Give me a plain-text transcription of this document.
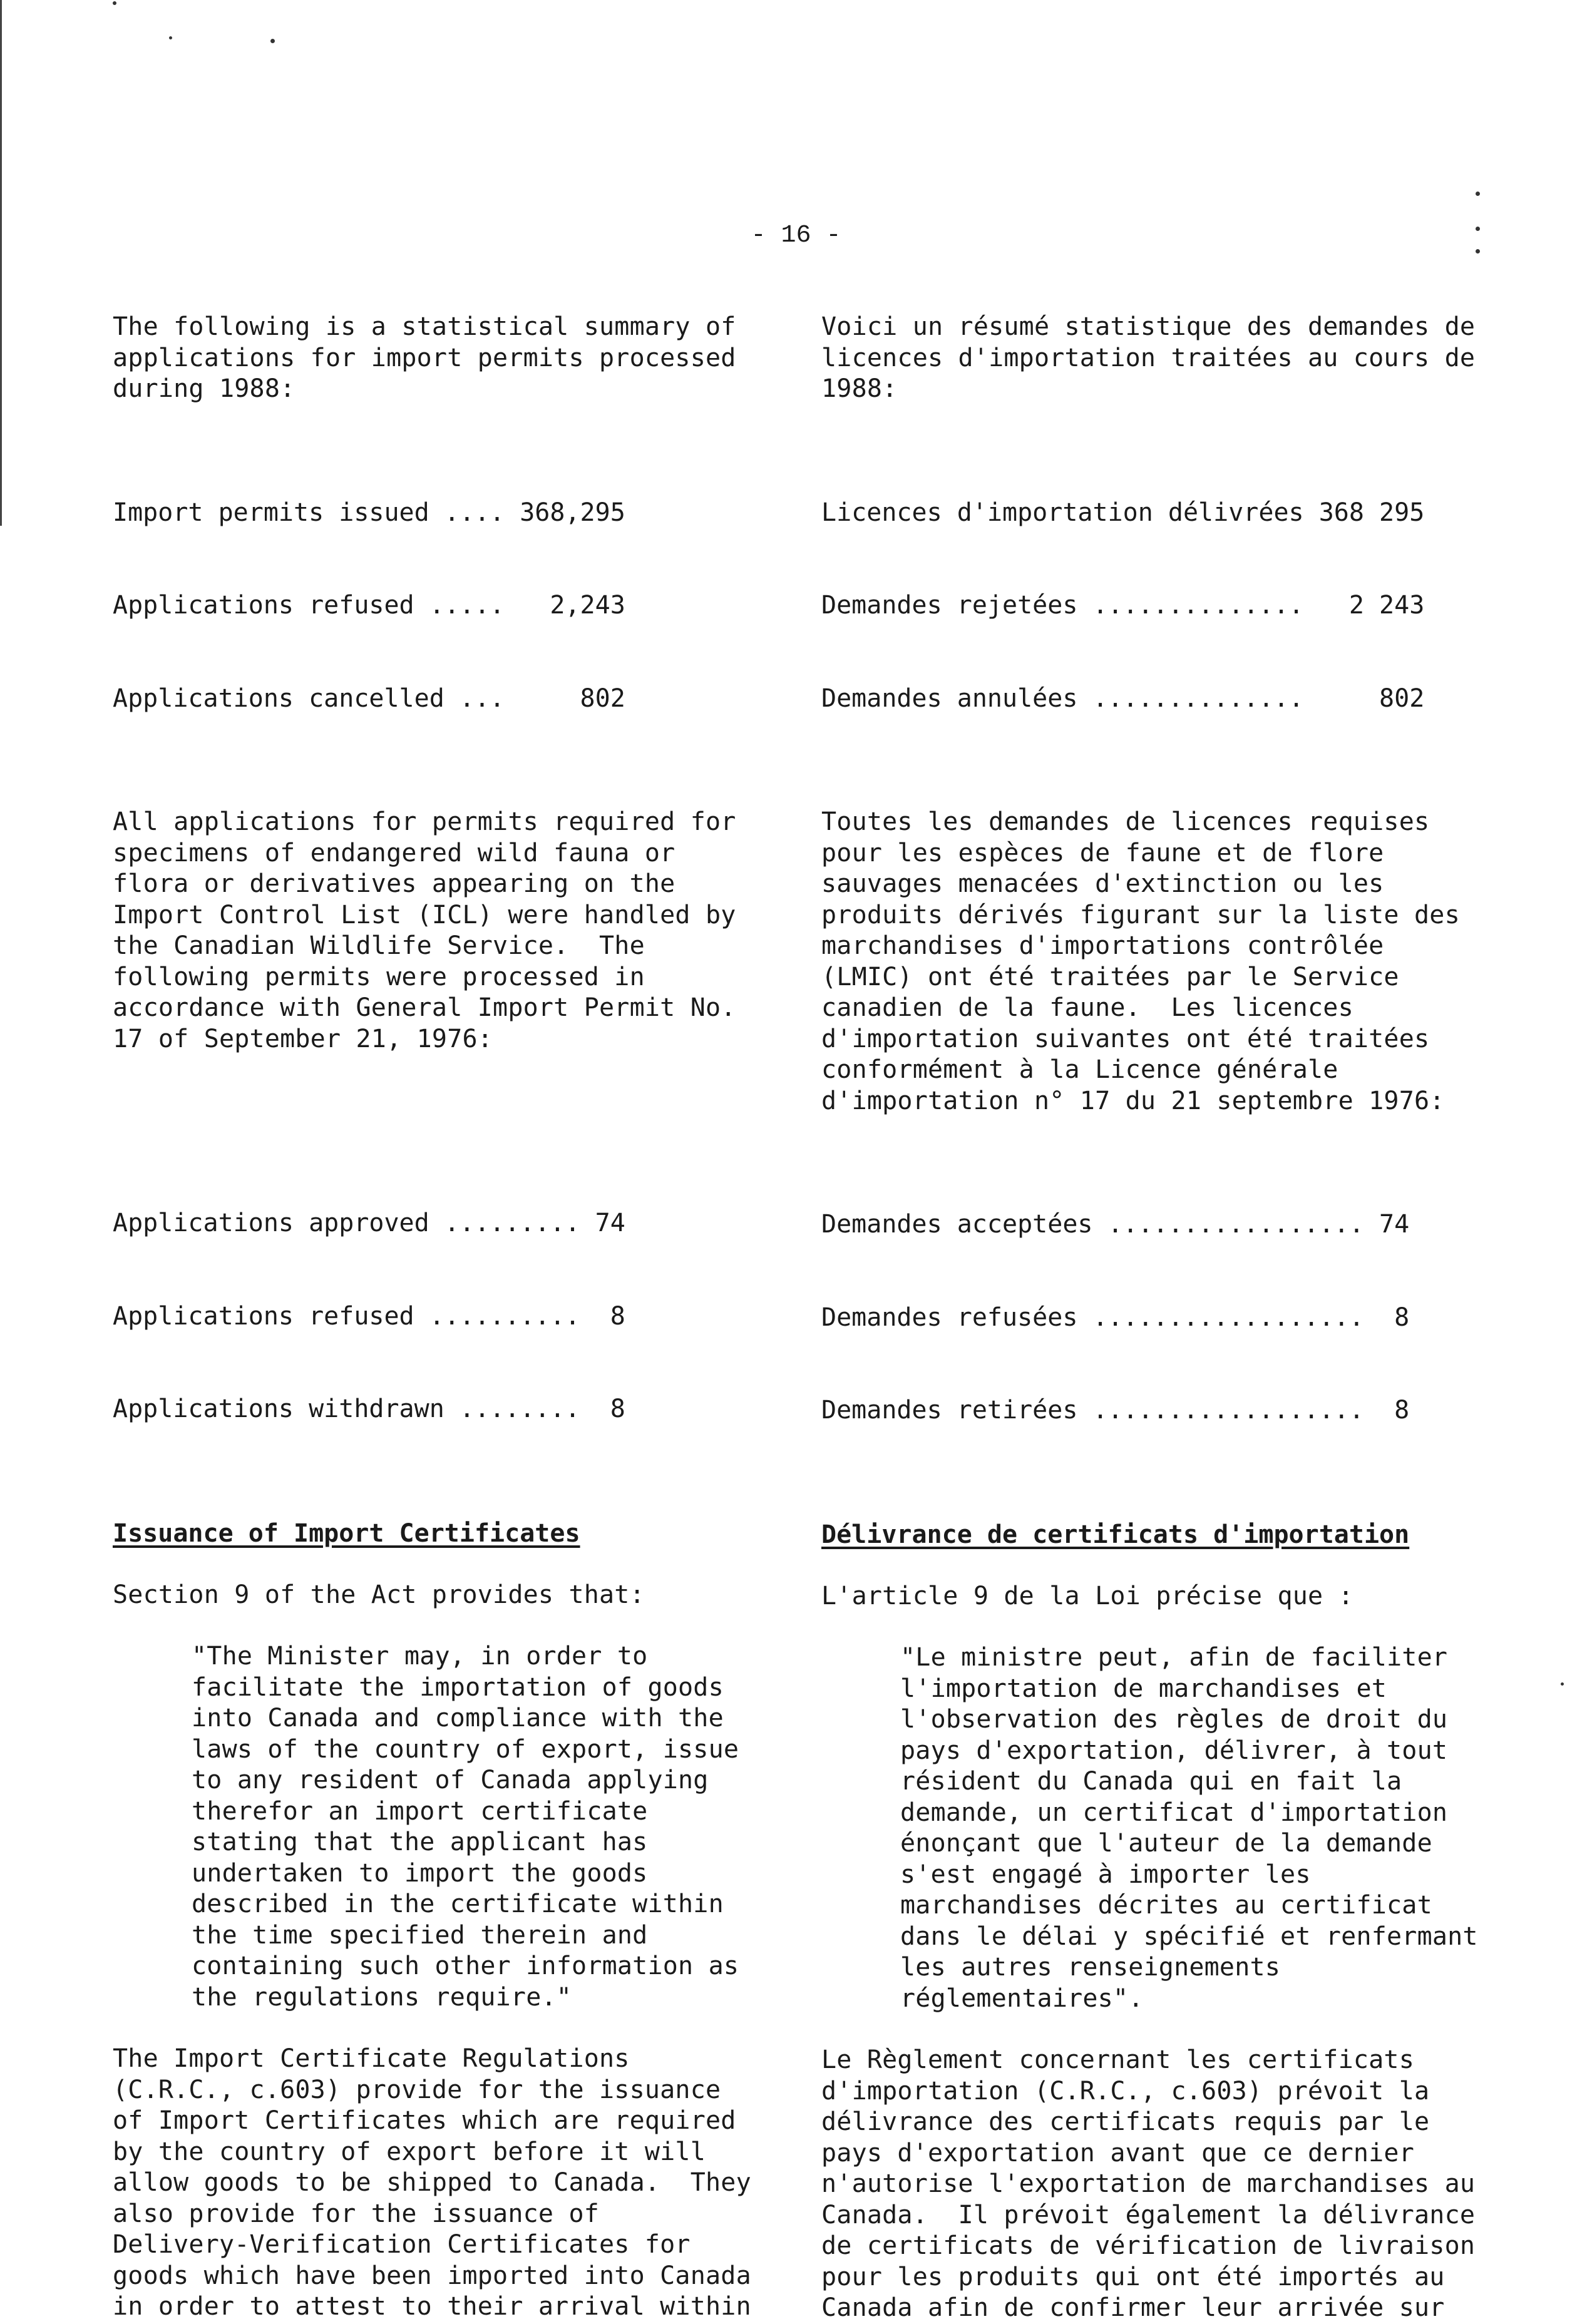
- 16 -

The following is a statistical summary of
applications for import permits processed
during 1988:

Import permits issued .... 368,295

Applications refused .....   2,243

Applications cancelled ...     802

All applications for permits required for
specimens of endangered wild fauna or
flora or derivatives appearing on the
Import Control List (ICL) were handled by
the Canadian Wildlife Service.  The
following permits were processed in
accordance with General Import Permit No.
17 of September 21, 1976:

Applications approved ......... 74

Applications refused ..........  8

Applications withdrawn ........  8

Issuance of Import Certificates

Section 9 of the Act provides that:

"The Minister may, in order to
facilitate the importation of goods
into Canada and compliance with the
laws of the country of export, issue
to any resident of Canada applying
therefor an import certificate
stating that the applicant has
undertaken to import the goods
described in the certificate within
the time specified therein and
containing such other information as
the regulations require."

The Import Certificate Regulations
(C.R.C., c.603) provide for the issuance
of Import Certificates which are required
by the country of export before it will
allow goods to be shipped to Canada.  They
also provide for the issuance of
Delivery-Verification Certificates for
goods which have been imported into Canada
in order to attest to their arrival within

Voici un résumé statistique des demandes de
licences d'importation traitées au cours de
1988:

Licences d'importation délivrées 368 295

Demandes rejetées ..............   2 243

Demandes annulées ..............     802

Toutes les demandes de licences requises
pour les espèces de faune et de flore
sauvages menacées d'extinction ou les
produits dérivés figurant sur la liste des
marchandises d'importations contrôlée
(LMIC) ont été traitées par le Service
canadien de la faune.  Les licences
d'importation suivantes ont été traitées
conformément à la Licence générale
d'importation n° 17 du 21 septembre 1976:

Demandes acceptées ................. 74

Demandes refusées ..................  8

Demandes retirées ..................  8

Délivrance de certificats d'importation

L'article 9 de la Loi précise que :

"Le ministre peut, afin de faciliter
l'importation de marchandises et
l'observation des règles de droit du
pays d'exportation, délivrer, à tout
résident du Canada qui en fait la
demande, un certificat d'importation
énonçant que l'auteur de la demande
s'est engagé à importer les
marchandises décrites au certificat
dans le délai y spécifié et renfermant
les autres renseignements
réglementaires".

Le Règlement concernant les certificats
d'importation (C.R.C., c.603) prévoit la
délivrance des certificats requis par le
pays d'exportation avant que ce dernier
n'autorise l'exportation de marchandises au
Canada.  Il prévoit également la délivrance
de certificats de vérification de livraison
pour les produits qui ont été importés au
Canada afin de confirmer leur arrivée sur
